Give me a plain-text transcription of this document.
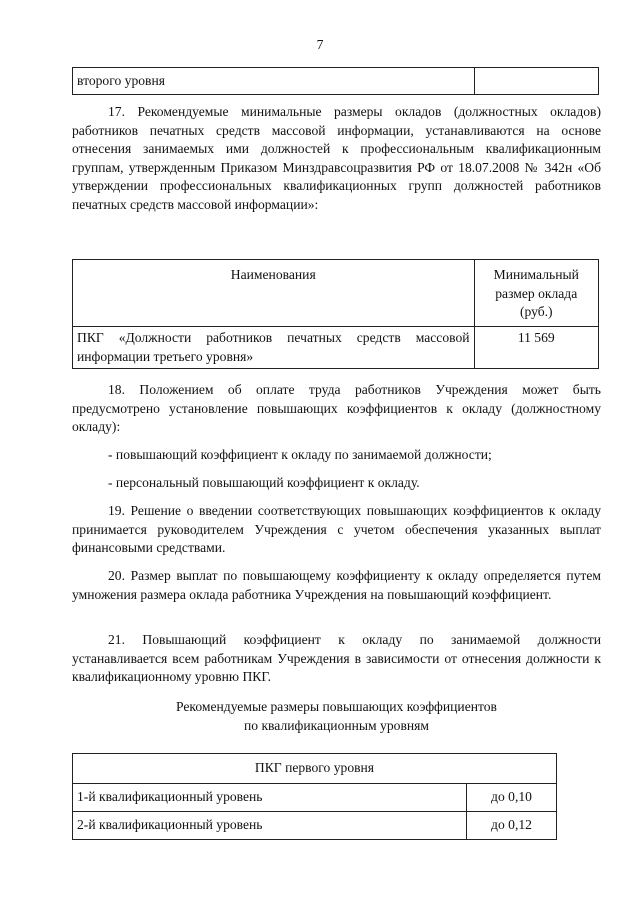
7
второго уровня	

17. Рекомендуемые минимальные размеры окладов (должностных окладов) работников печатных средств массовой информации, устанавливаются на основе отнесения занимаемых ими должностей к профессиональным квалификационным группам, утвержденным Приказом Минздравсоцразвития РФ от 18.07.2008 № 342н «Об утверждении профессиональных квалификационных групп должностей работников печатных средств массовой информации»:

Наименования	Минимальный
размер оклада
(руб.)

ПКГ «Должности работников печатных средств массовой информации третьего уровня»	11 569

18. Положением об оплате труда работников Учреждения может быть предусмотрено установление повышающих коэффициентов к окладу (должностному окладу):

- повышающий коэффициент к окладу по занимаемой должности;
- персональный повышающий коэффициент к окладу.

19. Решение о введении соответствующих повышающих коэффициентов к окладу принимается руководителем Учреждения с учетом обеспечения указанных выплат финансовыми средствами.

20. Размер выплат по повышающему коэффициенту к окладу определяется путем умножения размера оклада работника Учреждения на повышающий коэффициент.

21. Повышающий коэффициент к окладу по занимаемой должности устанавливается всем работникам Учреждения в зависимости от отнесения должности к квалификационному уровню ПКГ.

Рекомендуемые размеры повышающих коэффициентов
по квалификационным уровням
ПКГ первого уровня	
1-й квалификационный уровень	до 0,10
2-й квалификационный уровень	до 0,12
